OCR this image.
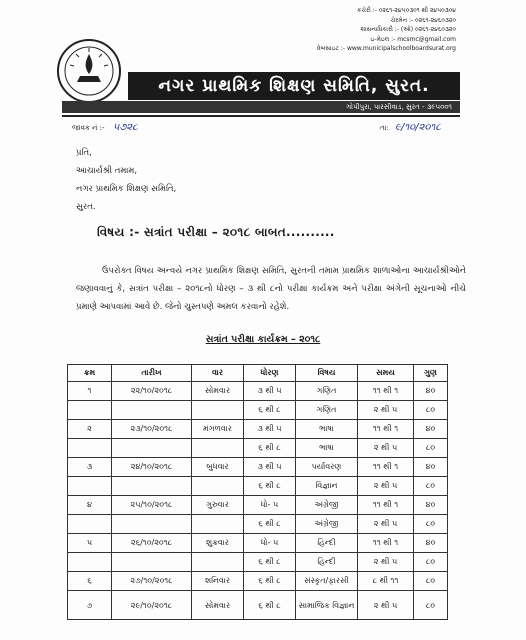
કચેરી :- ૦૨૬૧-૨૪૫૦૩૦૧ થી ૨૪૫૦૩૦૪
ચેરમેન :- ૦૨૬૧-૨૪૬૦૩૨૦
શાસનાધિકારી :- (ઓ) ૦૨૬૧-૨૪૬૦૩૨૦
ઇ-મેઇલ :- mcsmc@gmail.com
વેબસાઇટ :- www.municipalschoolboardsurat.org
નગર પ્રાથમિક શિક્ષણ સમિતિ, સુરત.
ગોપીપુરા, પારસીવાડ, સુરત - ૩૯૫૦૦૧
જાવક નં :- ૫૭૨૮	તા: ૯/૧૦/૨૦૧૮
પ્રતિ,
આચાર્યશ્રી તમામ,
નગર પ્રાથમિક શિક્ષણ સમિતિ,
સુરત.
વિષય :- સત્રાંત પરીક્ષા – ૨૦૧૮ બાબત..........

ઉપરોક્ત વિષય અન્વયે નગર પ્રાથમિક શિક્ષણ સમિતિ, સુરતની તમામ પ્રાથમિક શાળાઓના આચાર્યશ્રીઓને જણાવવાનું કે, સત્રાંત પરીક્ષા – ૨૦૧૮નો ધોરણ – ૩ થી ૮નો પરીક્ષા કાર્યક્રમ અને પરીક્ષા અંગેની સૂચનાઓ નીચે પ્રમાણે આપવામાં આવે છે. જેનો ચુસ્તપણે અમલ કરવાનો રહેશે.

સત્રાંત પરીક્ષા કાર્યક્રમ – ૨૦૧૮
ક્રમ	તારીખ	વાર	ધોરણ	વિષય	સમય	ગુણ
૧	૨૨/૧૦/૨૦૧૮	સોમવાર	૩ થી ૫	ગણિત	૧૧ થી ૧	૪૦
			૬ થી ૮	ગણિત	૨ થી ૫	૮૦
૨	૨૩/૧૦/૨૦૧૮	મંગળવાર	૩ થી ૫	ભાષા	૧૧ થી ૧	૪૦
			૬ થી ૮	ભાષા	૨ થી ૫	૮૦
૩	૨૪/૧૦/૨૦૧૮	બુધવાર	૩ થી ૫	પર્યાવરણ	૧૧ થી ૧	૪૦
			૬ થી ૮	વિજ્ઞાન	૨ થી ૫	૮૦
૪	૨૫/૧૦/૨૦૧૮	ગુરુવાર	ધો- ૫	અંગ્રેજી	૧૧ થી ૧	૪૦
			૬ થી ૮	અંગ્રેજી	૨ થી ૫	૮૦
૫	૨૬/૧૦/૨૦૧૮	શુક્રવાર	ધો- ૫	હિન્દી	૧૧ થી ૧	૪૦
			૬ થી ૮	હિન્દી	૨ થી ૫	૮૦
૬	૨૭/૧૦/૨૦૧૮	શનિવાર	૬ થી ૮	સંસ્કૃત/ફારસી	૮ થી ૧૧	૮૦
૭	૨૯/૧૦/૨૦૧૮	સોમવાર	૬ થી ૮	સામાજિક વિજ્ઞાન	૨ થી ૫	૮૦
